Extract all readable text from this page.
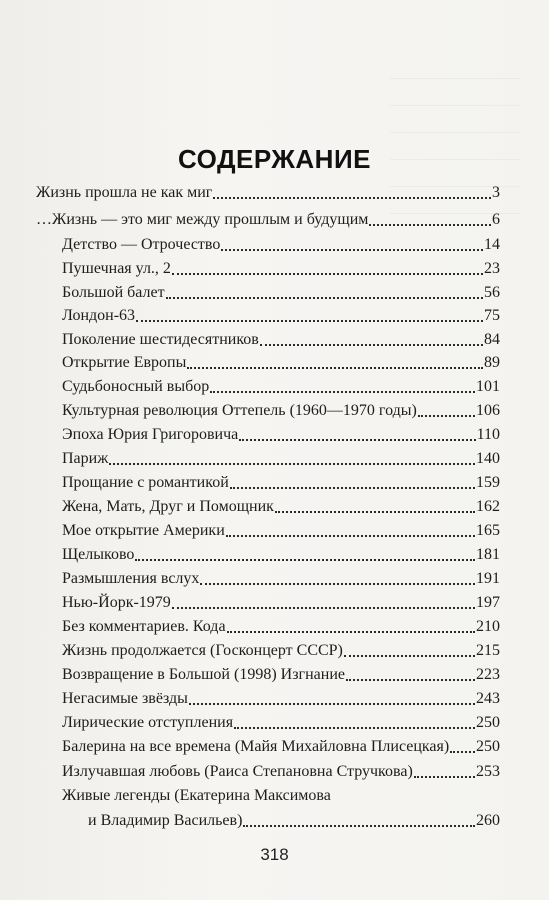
СОДЕРЖАНИЕ
Жизнь прошла не как миг	3
…Жизнь — это миг между прошлым и будущим	6
Детство — Отрочество	14
Пушечная ул., 2	23
Большой балет	56
Лондон-63	75
Поколение шестидесятников	84
Открытие Европы	89
Судьбоносный выбор	101
Культурная революция Оттепель (1960—1970 годы)	106
Эпоха Юрия Григоровича	110
Париж	140
Прощание с романтикой	159
Жена, Мать, Друг и Помощник	162
Мое открытие Америки	165
Щелыково	181
Размышления вслух	191
Нью-Йорк-1979	197
Без комментариев. Кода	210
Жизнь продолжается (Госконцерт СССР)	215
Возвращение в Большой (1998) Изгнание	223
Негасимые звёзды	243
Лирические отступления	250
Балерина на все времена (Майя Михайловна Плисецкая) 250
Излучавшая любовь (Раиса Степановна Стручкова)	253
Живые легенды (Екатерина Максимова
и Владимир Васильев)	260
318
